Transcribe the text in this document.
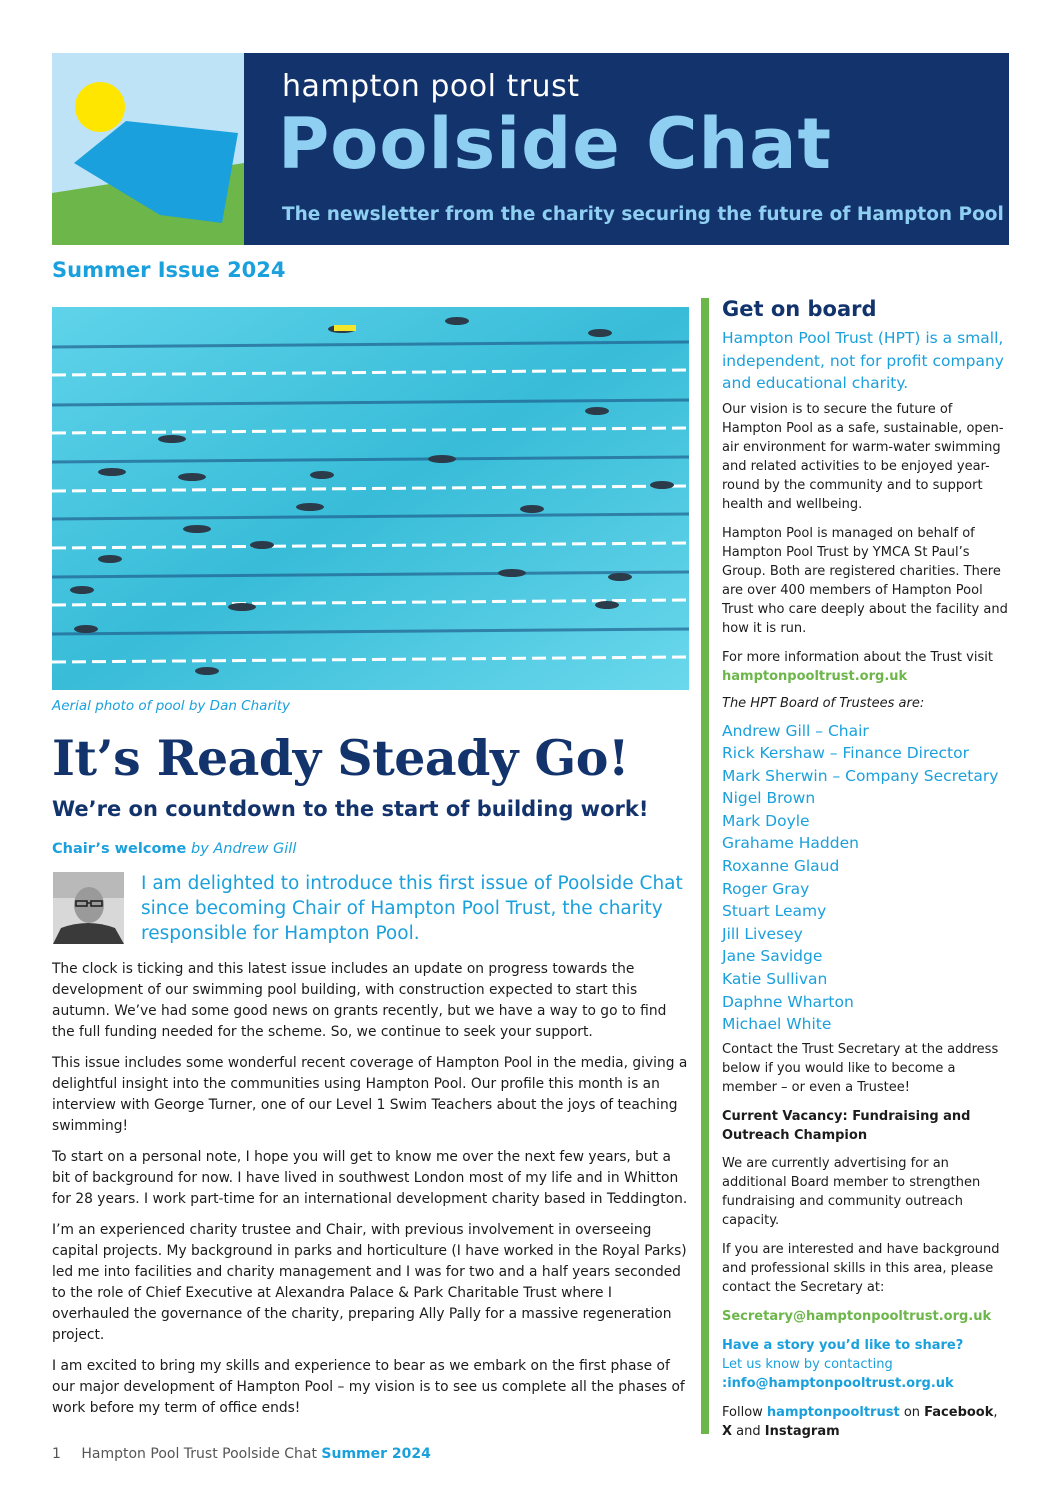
hampton pool trust
Poolside Chat
The newsletter from the charity securing the future of Hampton Pool
Summer Issue 2024
Aerial photo of pool by Dan Charity
It’s Ready Steady Go!
We’re on countdown to the start of building work!
Chair’s welcome by Andrew Gill
I am delighted to introduce this first issue of Poolside Chat since becoming Chair of Hampton Pool Trust, the charity responsible for Hampton Pool.

The clock is ticking and this latest issue includes an update on progress towards the development of our swimming pool building, with construction expected to start this autumn. We’ve had some good news on grants recently, but we have a way to go to find the full funding needed for the scheme. So, we continue to seek your support.

This issue includes some wonderful recent coverage of Hampton Pool in the media, giving a delightful insight into the communities using Hampton Pool. Our profile this month is an interview with George Turner, one of our Level 1 Swim Teachers about the joys of teaching swimming!

To start on a personal note, I hope you will get to know me over the next few years, but a bit of background for now. I have lived in southwest London most of my life and in Whitton for 28 years. I work part-time for an international development charity based in Teddington.

I’m an experienced charity trustee and Chair, with previous involvement in overseeing capital projects. My background in parks and horticulture (I have worked in the Royal Parks) led me into facilities and charity management and I was for two and a half years seconded to the role of Chief Executive at Alexandra Palace & Park Charitable Trust where I overhauled the governance of the charity, preparing Ally Pally for a massive regeneration project.

I am excited to bring my skills and experience to bear as we embark on the first phase of our major development of Hampton Pool – my vision is to see us complete all the phases of work before my term of office ends!

1 Hampton Pool Trust Poolside Chat Summer 2024
Get on board

Hampton Pool Trust (HPT) is a small, independent, not for profit company and educational charity.

Our vision is to secure the future of Hampton Pool as a safe, sustainable, open-air environment for warm-water swimming and related activities to be enjoyed year-round by the community and to support health and wellbeing.

Hampton Pool is managed on behalf of Hampton Pool Trust by YMCA St Paul’s Group. Both are registered charities. There are over 400 members of Hampton Pool Trust who care deeply about the facility and how it is run.

For more information about the Trust visit
hamptonpooltrust.org.uk

The HPT Board of Trustees are:

Andrew Gill – Chair
Rick Kershaw – Finance Director
Mark Sherwin – Company Secretary
Nigel Brown
Mark Doyle
Grahame Hadden
Roxanne Glaud
Roger Gray
Stuart Leamy
Jill Livesey
Jane Savidge
Katie Sullivan
Daphne Wharton
Michael White

Contact the Trust Secretary at the address below if you would like to become a member – or even a Trustee!

Current Vacancy: Fundraising and Outreach Champion

We are currently advertising for an additional Board member to strengthen fundraising and community outreach capacity.

If you are interested and have background and professional skills in this area, please contact the Secretary at:

Secretary@hamptonpooltrust.org.uk

Have a story you’d like to share?
Let us know by contacting
:info@hamptonpooltrust.org.uk

Follow hamptonpooltrust on Facebook,
X and Instagram
